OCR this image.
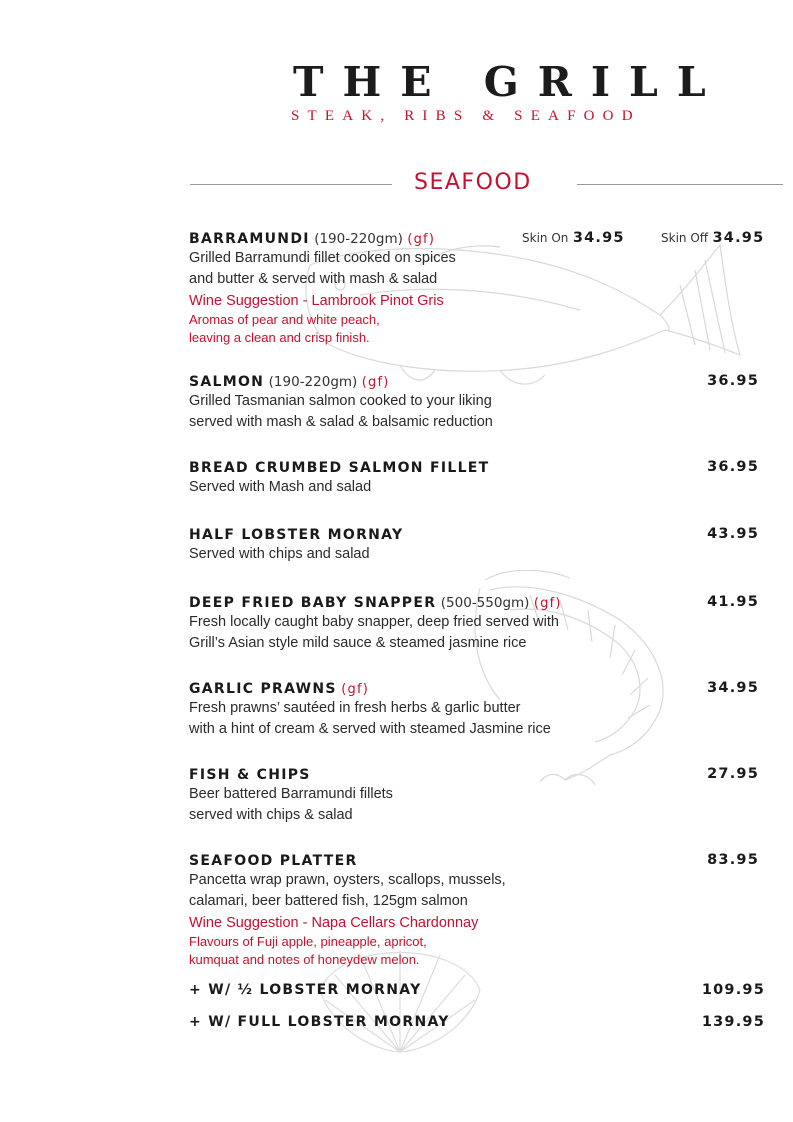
THE GRILL
STEAK, RIBS & SEAFOOD
SEAFOOD
BARRAMUNDI (190-220gm) (gf)
Grilled Barramundi fillet cooked on spices
and butter & served with mash & salad
Wine Suggestion - Lambrook Pinot Gris
Aromas of pear and white peach,
leaving a clean and crisp finish.
Skin On 34.95	Skin Off 34.95
SALMON (190-220gm) (gf)
Grilled Tasmanian salmon cooked to your liking
served with mash & salad & balsamic reduction
36.95
BREAD CRUMBED SALMON FILLET
Served with Mash and salad
36.95
HALF LOBSTER MORNAY
Served with chips and salad
43.95
DEEP FRIED BABY SNAPPER (500-550gm) (gf)
Fresh locally caught baby snapper, deep fried served with
Grill’s Asian style mild sauce & steamed jasmine rice
41.95
GARLIC PRAWNS (gf)
Fresh prawns’ sautéed in fresh herbs & garlic butter
with a hint of cream & served with steamed Jasmine rice
34.95
FISH & CHIPS
Beer battered Barramundi fillets
served with chips & salad
27.95
SEAFOOD PLATTER
Pancetta wrap prawn, oysters, scallops, mussels,
calamari, beer battered fish, 125gm salmon
Wine Suggestion - Napa Cellars Chardonnay
Flavours of Fuji apple, pineapple, apricot,
kumquat and notes of honeydew melon.
83.95
+ W/ ½ LOBSTER MORNAY	109.95
+ W/ FULL LOBSTER MORNAY	139.95
